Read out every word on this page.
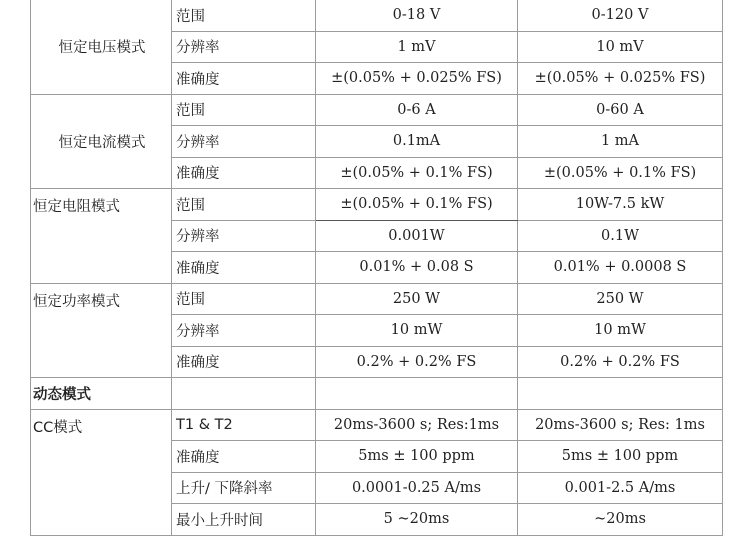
恒定电压模式	范围	0-18 V	0-120 V
	分辨率	1 mV	10 mV
	准确度	±(0.05% + 0.025% FS)	±(0.05% + 0.025% FS)
恒定电流模式	范围	0-6 A	0-60 A
	分辨率	0.1mA	1 mA
	准确度	±(0.05% + 0.1% FS)	±(0.05% + 0.1% FS)
恒定电阻模式	范围	±(0.05% + 0.1% FS)	10W-7.5 kW
	分辨率	0.001W	0.1W
	准确度	0.01% + 0.08 S	0.01% + 0.0008 S
恒定功率模式	范围	250 W	250 W
	分辨率	10 mW	10 mW
	准确度	0.2% + 0.2% FS	0.2% + 0.2% FS
动态模式			
CC模式	T1 & T2	20ms-3600 s; Res:1ms	20ms-3600 s; Res: 1ms
	准确度	5ms ± 100 ppm	5ms ± 100 ppm
	上升/ 下降斜率	0.0001-0.25 A/ms	0.001-2.5 A/ms
	最小上升时间	5 ~20ms	~20ms
